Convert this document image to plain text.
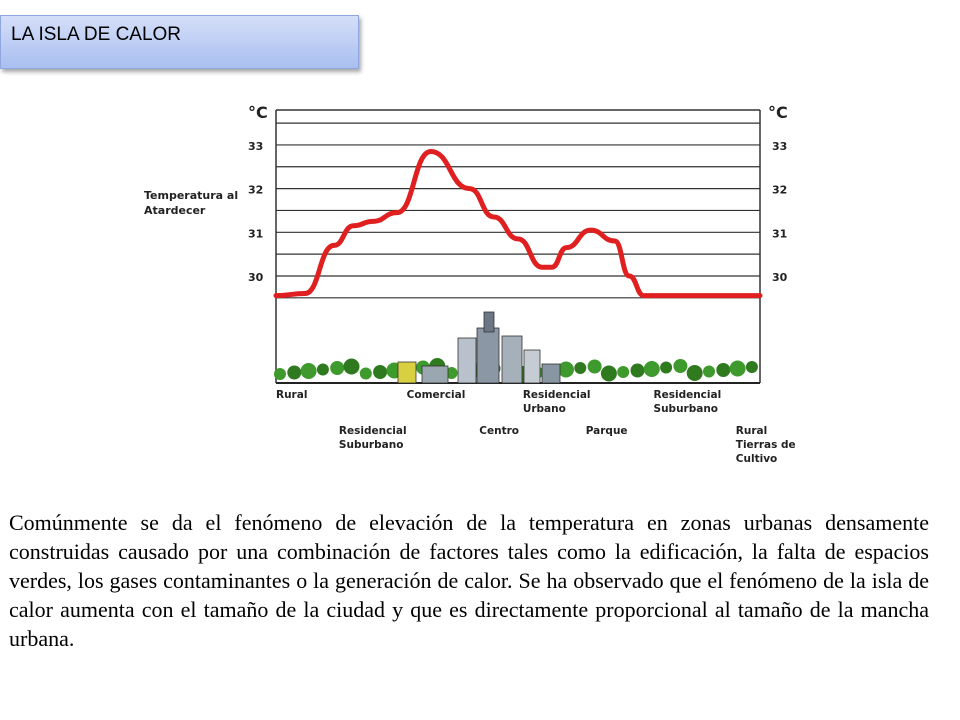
LA ISLA DE CALOR
30	30
31	31
32	32
33	33
°C	°C
Temperatura al Atardecer
Rural
Residencial Suburbano
Comercial
Centro
Residencial Urbano
Parque
Residencial Suburbano
Rural Tierras de Cultivo
Comúnmente se da el fenómeno de elevación de la temperatura en zonas urbanas densamente construidas causado por una combinación de factores tales como la edificación, la falta de espacios verdes, los gases contaminantes o la generación de calor. Se ha observado que el fenómeno de la isla de calor aumenta con el tamaño de la ciudad y que es directamente proporcional al tamaño de la mancha urbana.
